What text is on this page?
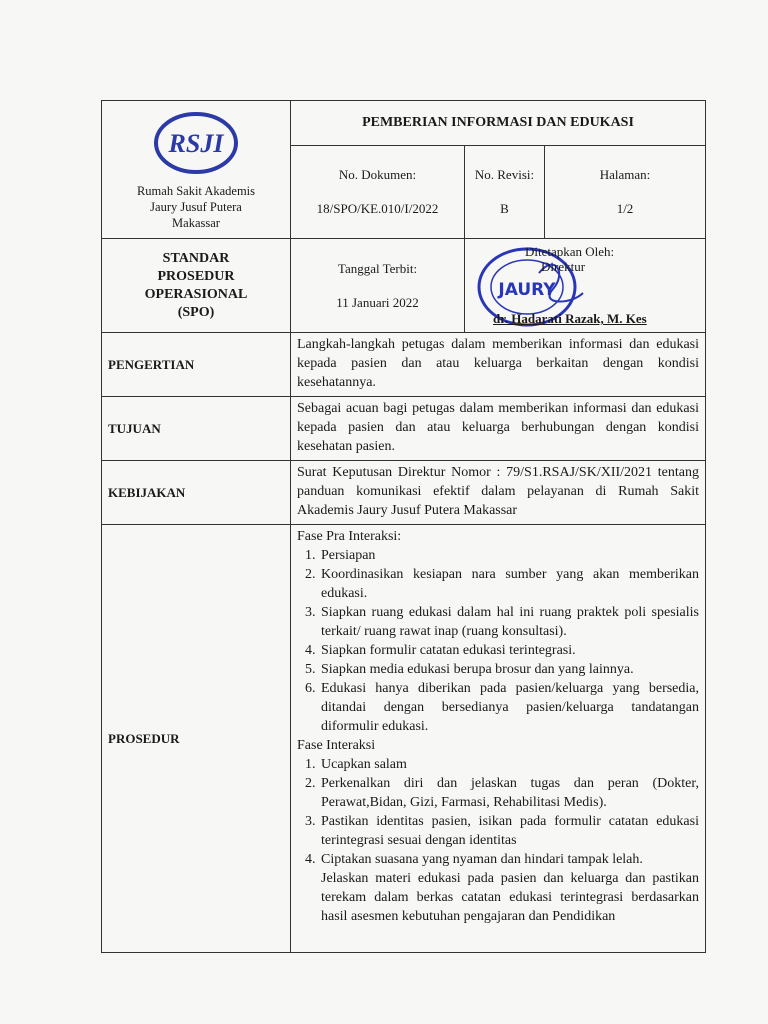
RSJI
Rumah Sakit Akademis
Jaury Jusuf Putera
Makassar
PEMBERIAN INFORMASI DAN EDUKASI
No. Dokumen:
18/SPO/KE.010/I/2022
No. Revisi:
B
Halaman:
1/2
STANDAR
PROSEDUR
OPERASIONAL
(SPO)
Tanggal Terbit:
11 Januari 2022
JAURY
Ditetapkan Oleh:
Direktur
dr. Hadarati Razak, M. Kes
PENGERTIAN
Langkah-langkah petugas dalam memberikan informasi dan edukasi kepada pasien dan atau keluarga berkaitan dengan kondisi kesehatannya.
TUJUAN
Sebagai acuan bagi petugas dalam memberikan informasi dan edukasi kepada pasien dan atau keluarga berhubungan dengan kondisi kesehatan pasien.
KEBIJAKAN
Surat Keputusan Direktur Nomor : 79/S1.RSAJ/SK/XII/2021 tentang panduan komunikasi efektif dalam pelayanan di Rumah Sakit Akademis Jaury Jusuf Putera Makassar
PROSEDUR

Fase Pra Interaksi:

1. Persiapan
2. Koordinasikan kesiapan nara sumber yang akan memberikan edukasi.
3. Siapkan ruang edukasi dalam hal ini ruang praktek poli spesialis terkait/ ruang rawat inap (ruang konsultasi).
4. Siapkan formulir catatan edukasi terintegrasi.
5. Siapkan media edukasi berupa brosur dan yang lainnya.
6. Edukasi hanya diberikan pada pasien/keluarga yang bersedia, ditandai dengan bersedianya pasien/keluarga tandatangan diformulir edukasi.

Fase Interaksi

1. Ucapkan salam
2. Perkenalkan diri dan jelaskan tugas dan peran (Dokter, Perawat,Bidan, Gizi, Farmasi, Rehabilitasi Medis).
3. Pastikan identitas pasien, isikan pada formulir catatan edukasi terintegrasi sesuai dengan identitas
4. Ciptakan suasana yang nyaman dan hindari tampak lelah.

Jelaskan materi edukasi pada pasien dan keluarga dan pastikan terekam dalam berkas catatan edukasi terintegrasi berdasarkan hasil asesmen kebutuhan pengajaran dan Pendidikan
